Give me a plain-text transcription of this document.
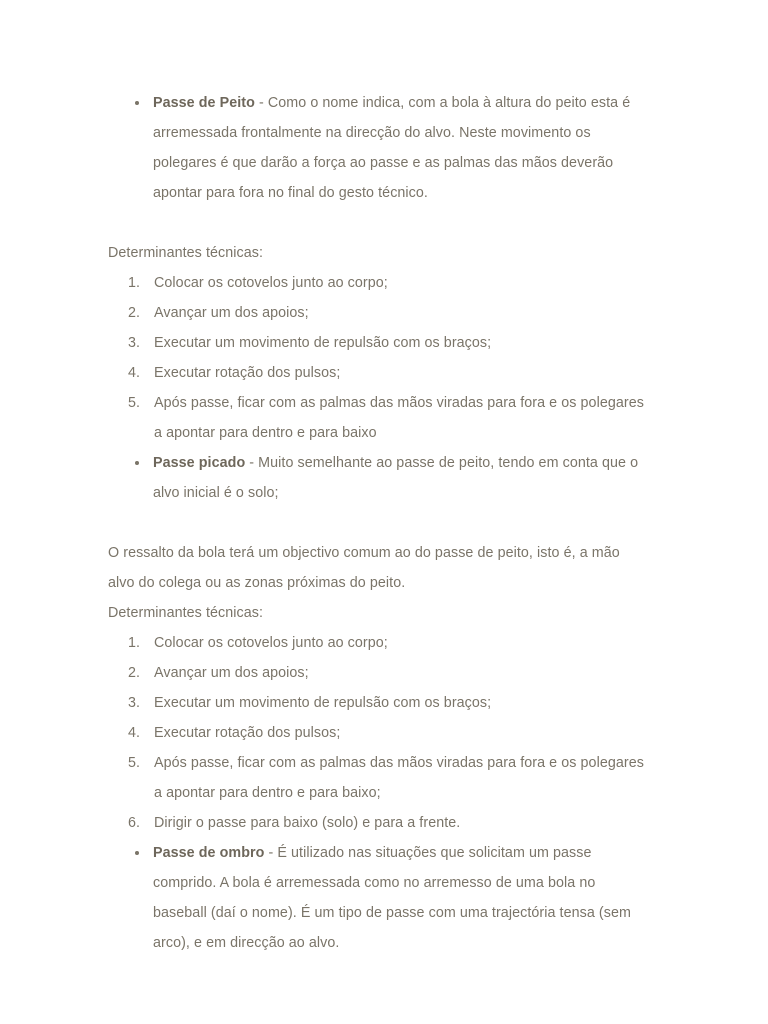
Passe de Peito - Como o nome indica, com a bola à altura do peito esta é arremessada frontalmente na direcção do alvo. Neste movimento os polegares é que darão a força ao passe e as palmas das mãos deverão apontar para fora no final do gesto técnico.

Determinantes técnicas:

Colocar os cotovelos junto ao corpo;
Avançar um dos apoios;
Executar um movimento de repulsão com os braços;
Executar rotação dos pulsos;
Após passe, ficar com as palmas das mãos viradas para fora e os polegares a apontar para dentro e para baixo
Passe picado - Muito semelhante ao passe de peito, tendo em conta que o alvo inicial é o solo;

O ressalto da bola terá um objectivo comum ao do passe de peito, isto é, a mão alvo do colega ou as zonas próximas do peito.

Determinantes técnicas:

Colocar os cotovelos junto ao corpo;
Avançar um dos apoios;
Executar um movimento de repulsão com os braços;
Executar rotação dos pulsos;
Após passe, ficar com as palmas das mãos viradas para fora e os polegares a apontar para dentro e para baixo;
Dirigir o passe para baixo (solo) e para a frente.
Passe de ombro - É utilizado nas situações que solicitam um passe comprido. A bola é arremessada como no arremesso de uma bola no baseball (daí o nome). É um tipo de passe com uma trajectória tensa (sem arco), e em direcção ao alvo.
